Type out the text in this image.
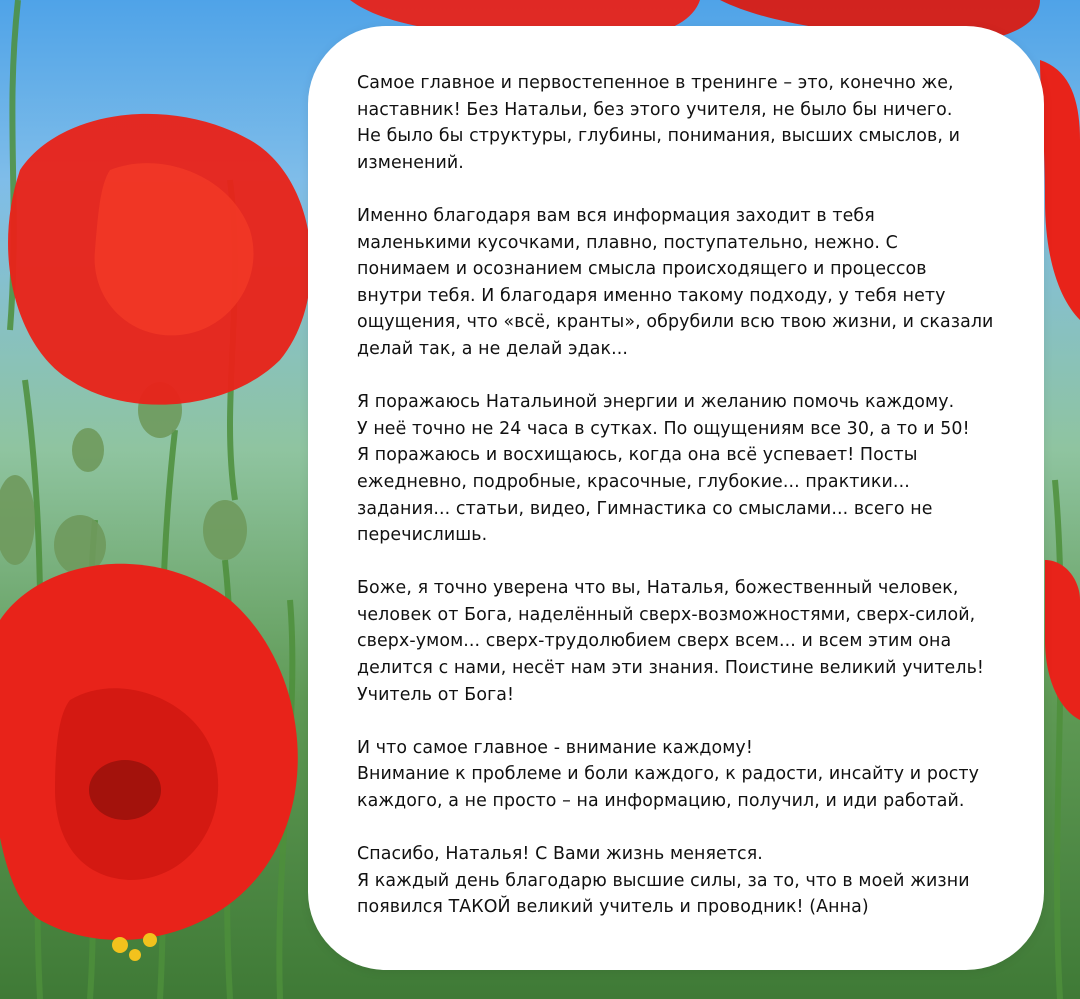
Самое главное и первостепенное в тренинге – это, конечно же,
наставник! Без Натальи, без этого учителя, не было бы ничего.
Не было бы структуры, глубины, понимания, высших смыслов, и
изменений.
Именно благодаря вам вся информация заходит в тебя
маленькими кусочками, плавно, поступательно, нежно. С
понимаем и осознанием смысла происходящего и процессов
внутри тебя. И благодаря именно такому подходу, у тебя нету
ощущения, что «всё, кранты», обрубили всю твою жизни, и сказали
делай так, а не делай эдак...
Я поражаюсь Натальиной энергии и желанию помочь каждому.
У неё точно не 24 часа в сутках. По ощущениям все 30, а то и 50!
Я поражаюсь и восхищаюсь, когда она всё успевает! Посты
ежедневно, подробные, красочные, глубокие... практики...
задания... статьи, видео, Гимнастика со смыслами... всего не
перечислишь.
Боже, я точно уверена что вы, Наталья, божественный человек,
человек от Бога, наделённый сверх-возможностями, сверх-силой,
сверх-умом... сверх-трудолюбием сверх всем... и всем этим она
делится с нами, несёт нам эти знания. Поистине великий учитель!
Учитель от Бога!
И что самое главное - внимание каждому!
Внимание к проблеме и боли каждого, к радости, инсайту и росту
каждого, а не просто – на информацию, получил, и иди работай.
Спасибо, Наталья! С Вами жизнь меняется.
Я каждый день благодарю высшие силы, за то, что в моей жизни
появился ТАКОЙ великий учитель и проводник! (Анна)
